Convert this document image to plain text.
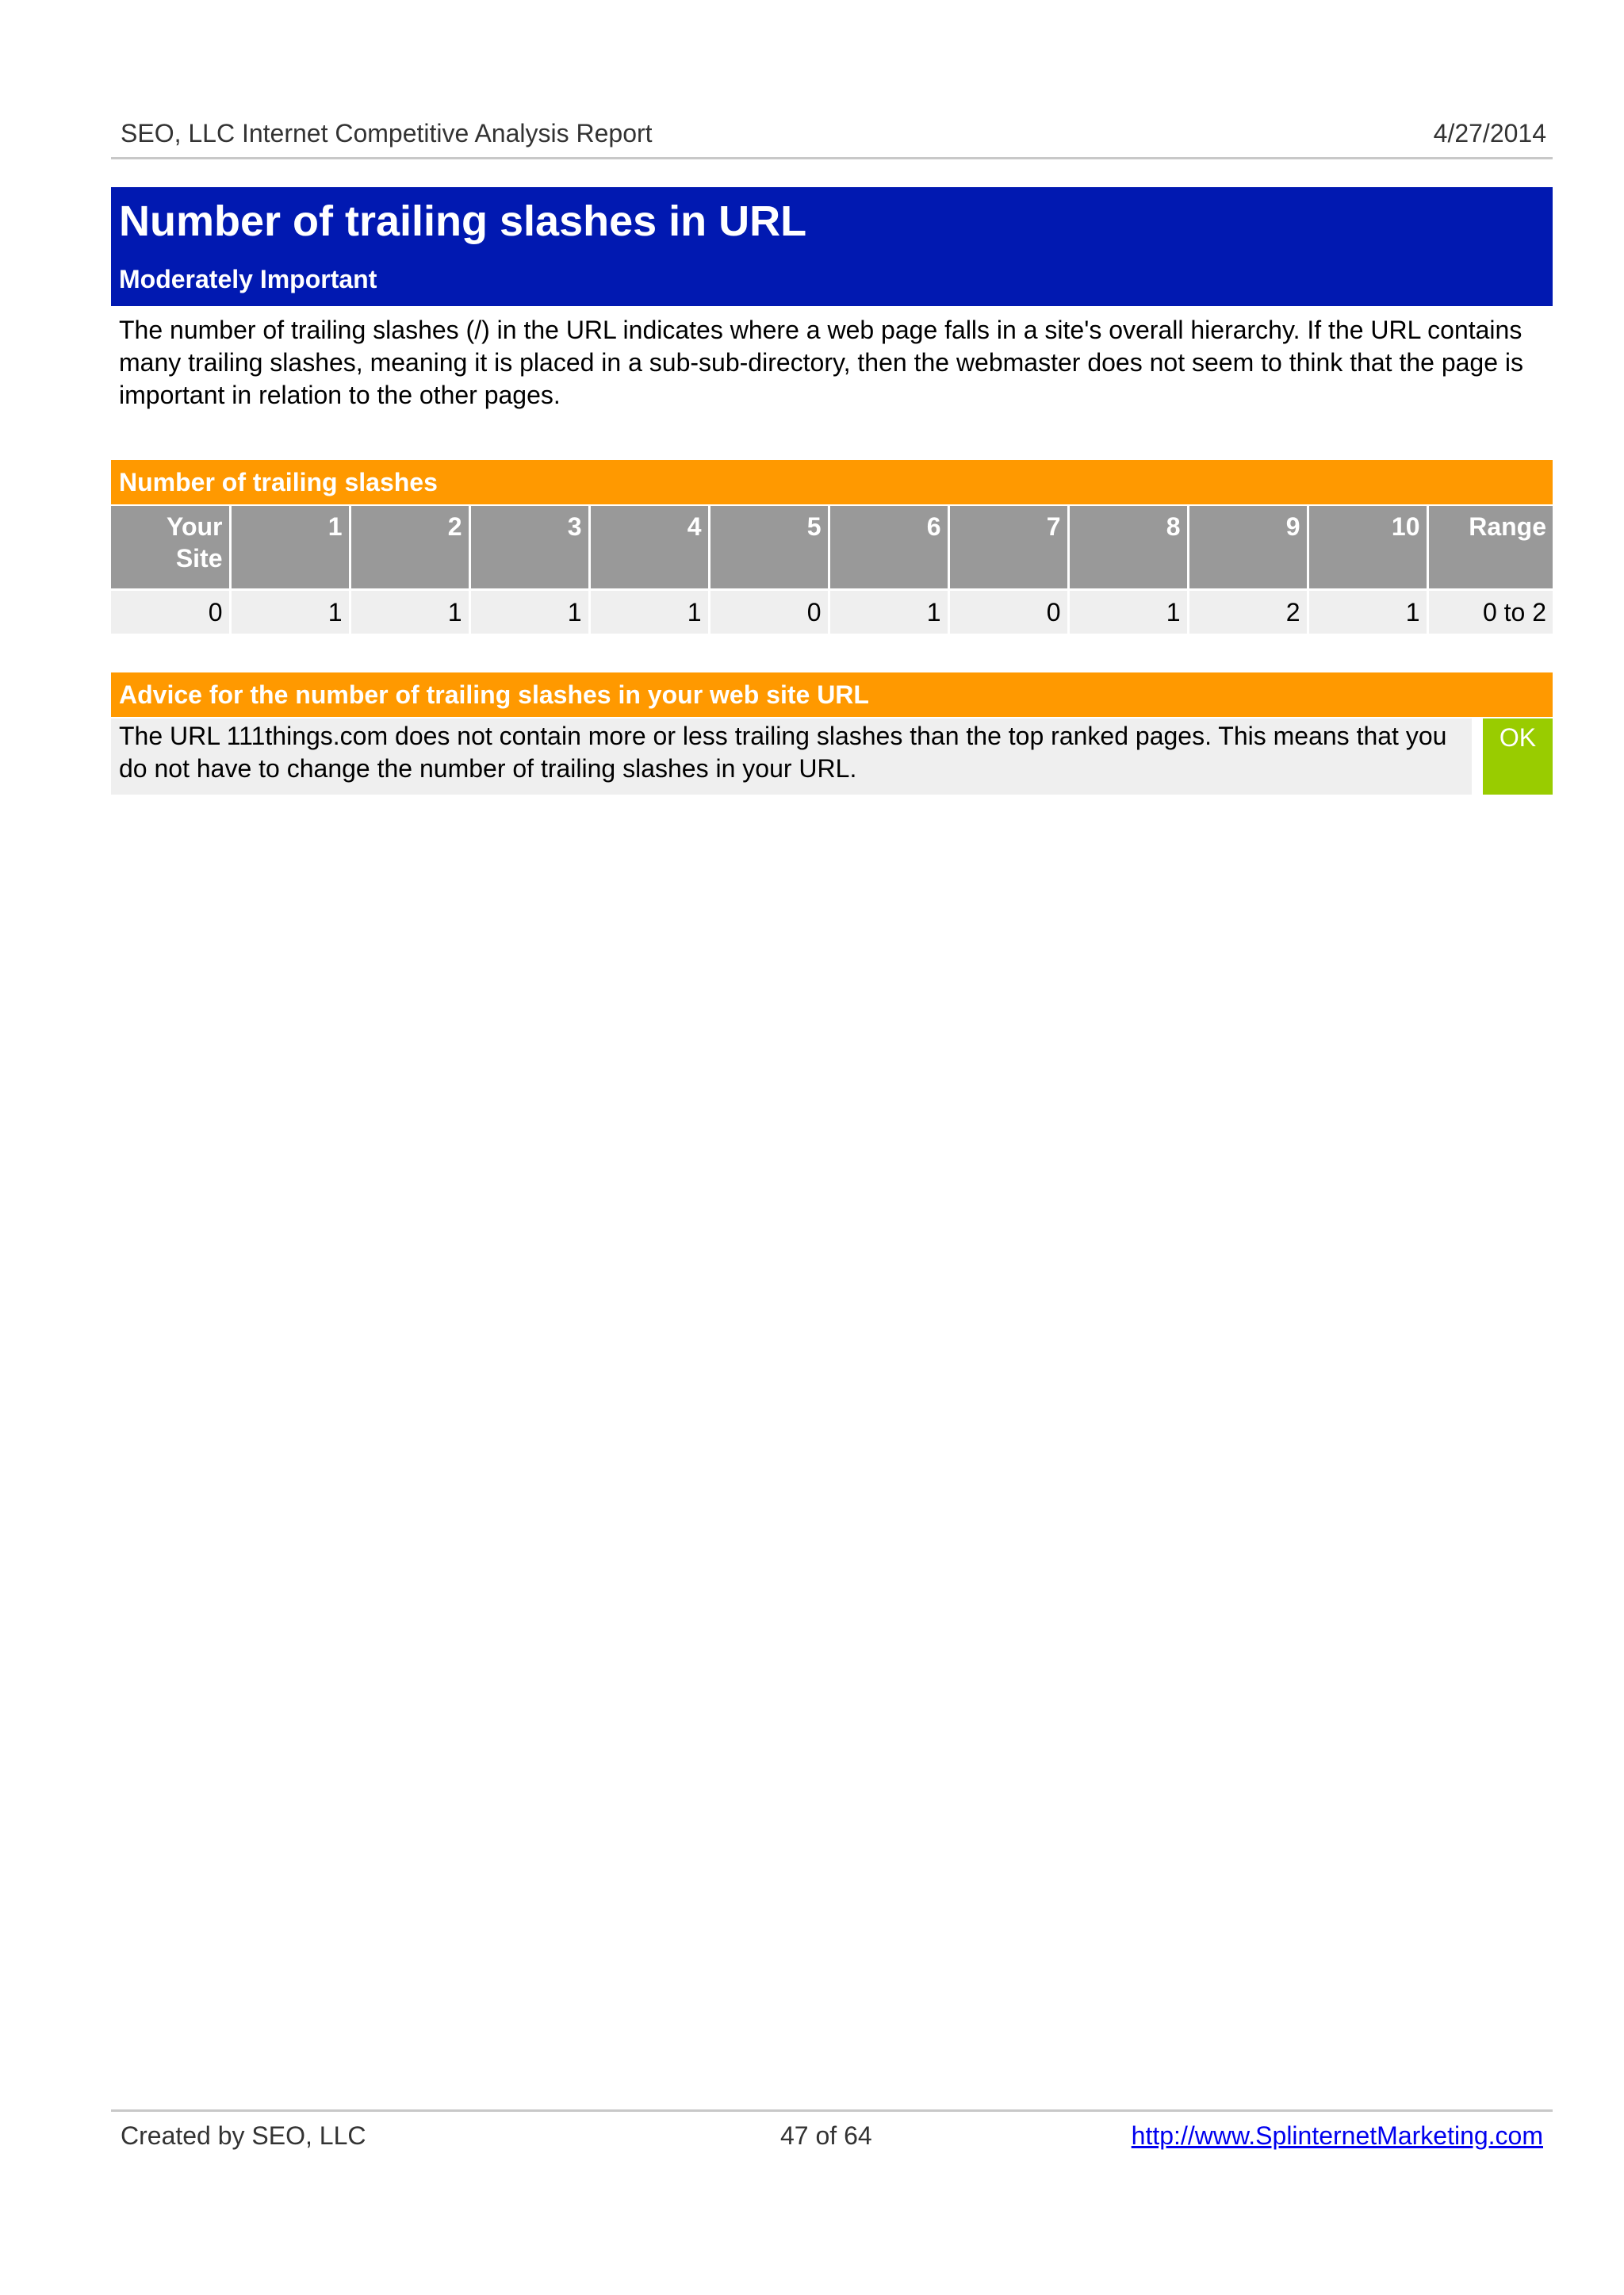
SEO, LLC Internet Competitive Analysis Report	4/27/2014
Number of trailing slashes in URL
Moderately Important
The number of trailing slashes (/) in the URL indicates where a web page falls in a site's overall hierarchy. If the URL contains many trailing slashes, meaning it is placed in a sub-sub-directory, then the webmaster does not seem to think that the page is important in relation to the other pages.
Number of trailing slashes
Your Site	1	2	3	4	5	6	7	8	9	10	Range
0	1	1	1	1	0	1	0	1	2	1	0 to 2
Advice for the number of trailing slashes in your web site URL
The URL 111things.com does not contain more or less trailing slashes than the top ranked pages. This means that you do not have to change the number of trailing slashes in your URL.
OK
Created by SEO, LLC	47 of 64	http://www.SplinternetMarketing.com
